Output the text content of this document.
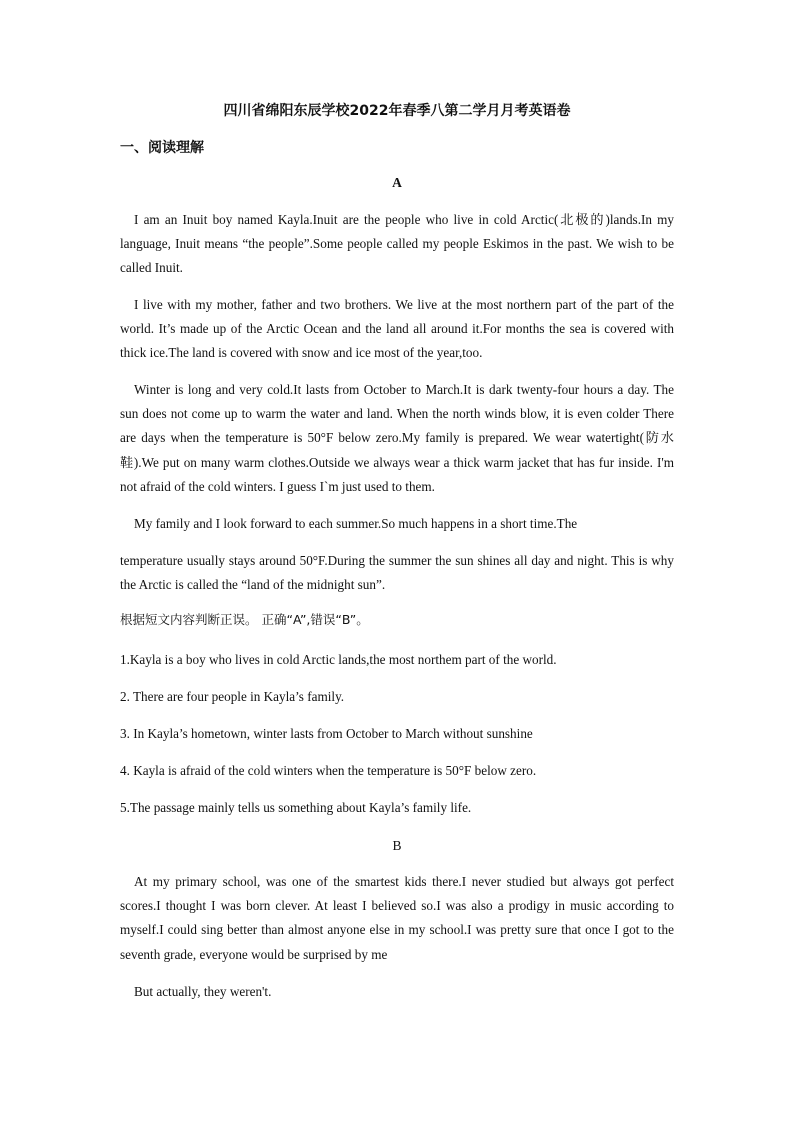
四川省绵阳东辰学校2022年春季八第二学月月考英语卷
一、阅读理解
A

I am an Inuit boy named Kayla.Inuit are the people who live in cold Arctic(北极的)lands.In my language, Inuit means “the people”.Some people called my people Eskimos in the past. We wish to be called Inuit.

I live with my mother, father and two brothers. We live at the most northern part of the part of the world. It’s made up of the Arctic Ocean and the land all around it.For months the sea is covered with thick ice.The land is covered with snow and ice most of the year,too.

Winter is long and very cold.It lasts from October to March.It is dark twenty-four hours a day. The sun does not come up to warm the water and land. When the north winds blow, it is even colder There are days when the temperature is 50°F below zero.My family is prepared. We wear watertight(防水鞋).We put on many warm clothes.Outside we always wear a thick warm jacket that has fur inside. I'm not afraid of the cold winters. I guess I`m just used to them.

My family and I look forward to each summer.So much happens in a short time.The

temperature usually stays around 50°F.During the summer the sun shines all day and night. This is why the Arctic is called the “land of the midnight sun”.

根据短文内容判断正误。 正确“A”,错误“B”。
1.Kayla is a boy who lives in cold Arctic lands,the most northem part of the world.
2. There are four people in Kayla’s family.
3. In Kayla’s hometown, winter lasts from October to March without sunshine
4. Kayla is afraid of the cold winters when the temperature is 50°F below zero.
5.The passage mainly tells us something about Kayla’s family life.
B

At my primary school, was one of the smartest kids there.I never studied but always got perfect scores.I thought I was born clever. At least I believed so.I was also a prodigy in music according to myself.I could sing better than almost anyone else in my school.I was pretty sure that once I got to the seventh grade, everyone would be surprised by me

But actually, they weren't.
